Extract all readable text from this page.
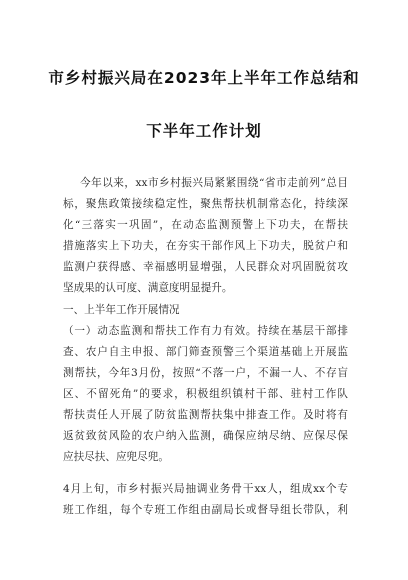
市乡村振兴局在2023年上半年工作总结和
下半年工作计划
今年以来，xx市乡村振兴局紧紧围绕“省市走前列”总目
标，聚焦政策接续稳定性，聚焦帮扶机制常态化，持续深
化“三落实一巩固”，在动态监测预警上下功夫，在帮扶
措施落实上下功夫，在夯实干部作风上下功夫，脱贫户和
监测户获得感、幸福感明显增强，人民群众对巩固脱贫攻
坚成果的认可度、满意度明显提升。
一、上半年工作开展情况
（一）动态监测和帮扶工作有力有效。持续在基层干部排
查、农户自主申报、部门筛查预警三个渠道基础上开展监
测帮扶，今年3月份，按照“不落一户，不漏一人、不存盲
区、不留死角”的要求，积极组织镇村干部、驻村工作队
帮扶责任人开展了防贫监测帮扶集中排查工作。及时将有
返贫致贫风险的农户纳入监测，确保应纳尽纳、应保尽保
应扶尽扶、应兜尽兜。
4月上旬，市乡村振兴局抽调业务骨干xx人，组成xx个专
班工作组，每个专班工作组由副局长或督导组长带队，利
